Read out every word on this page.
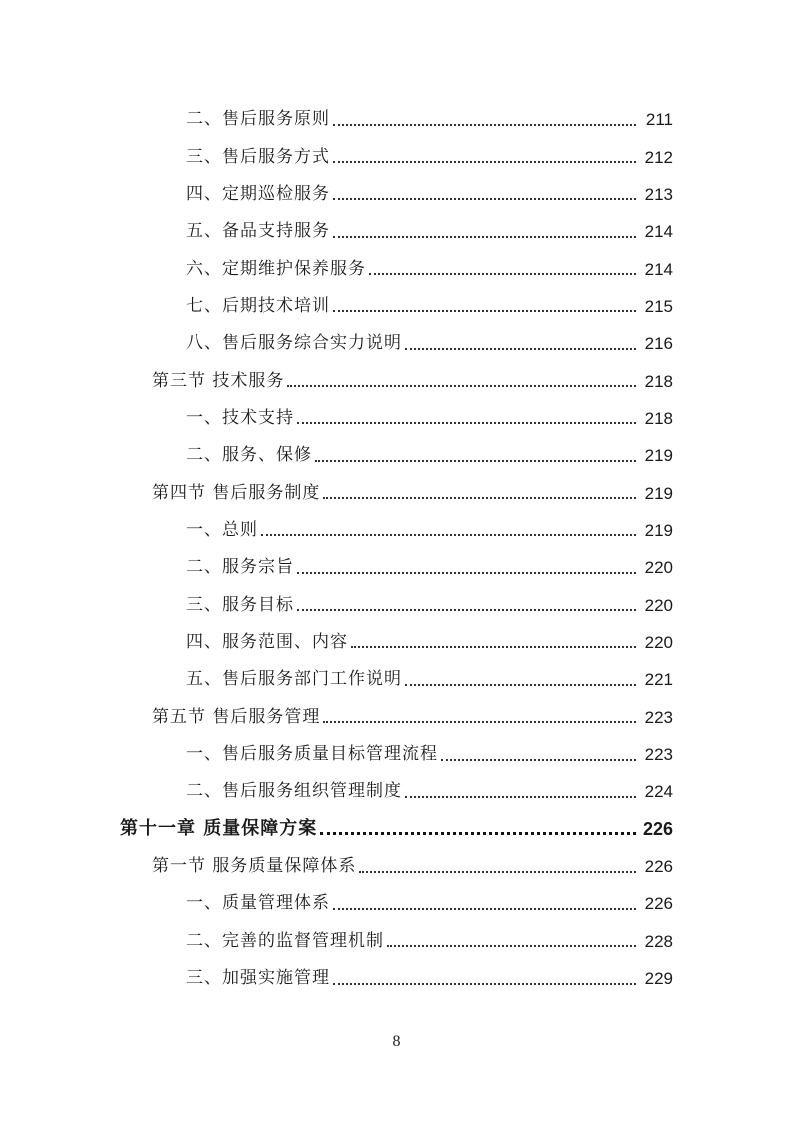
二、售后服务原则	211
三、售后服务方式	212
四、定期巡检服务	213
五、备品支持服务	214
六、定期维护保养服务	214
七、后期技术培训	215
八、售后服务综合实力说明	216
第三节 技术服务	218
一、技术支持	218
二、服务、保修	219
第四节 售后服务制度	219
一、总则	219
二、服务宗旨	220
三、服务目标	220
四、服务范围、内容	220
五、售后服务部门工作说明	221
第五节 售后服务管理	223
一、售后服务质量目标管理流程	223
二、售后服务组织管理制度	224
第十一章 质量保障方案	226
第一节 服务质量保障体系	226
一、质量管理体系	226
二、完善的监督管理机制	228
三、加强实施管理	229
8
